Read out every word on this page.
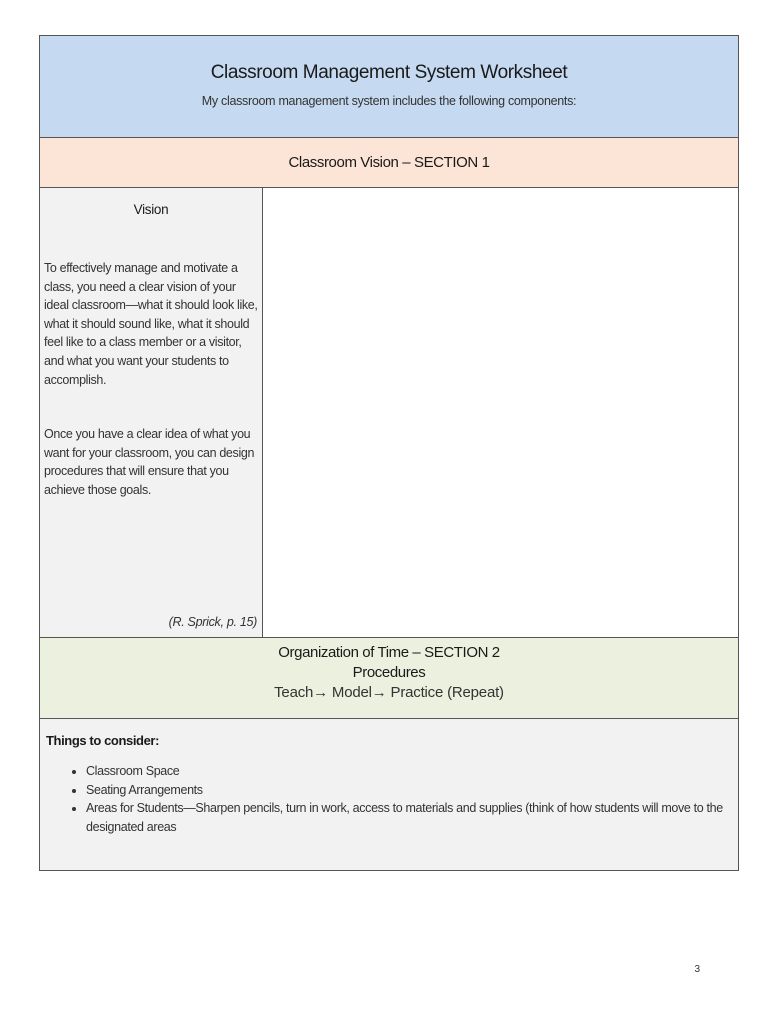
Classroom Management System Worksheet
My classroom management system includes the following components:
Classroom Vision – SECTION 1
Vision

To effectively manage and motivate a class, you need a clear vision of your ideal classroom—what it should look like, what it should sound like, what it should feel like to a class member or a visitor, and what you want your students to accomplish.

Once you have a clear idea of what you want for your classroom, you can design procedures that will ensure that you achieve those goals.

(R. Sprick, p. 15)
Organization of Time – SECTION 2
Procedures
Teach→ Model→ Practice (Repeat)
Things to consider:
• Classroom Space
• Seating Arrangements
• Areas for Students—Sharpen pencils, turn in work, access to materials and supplies (think of how students will move to the designated areas
3
